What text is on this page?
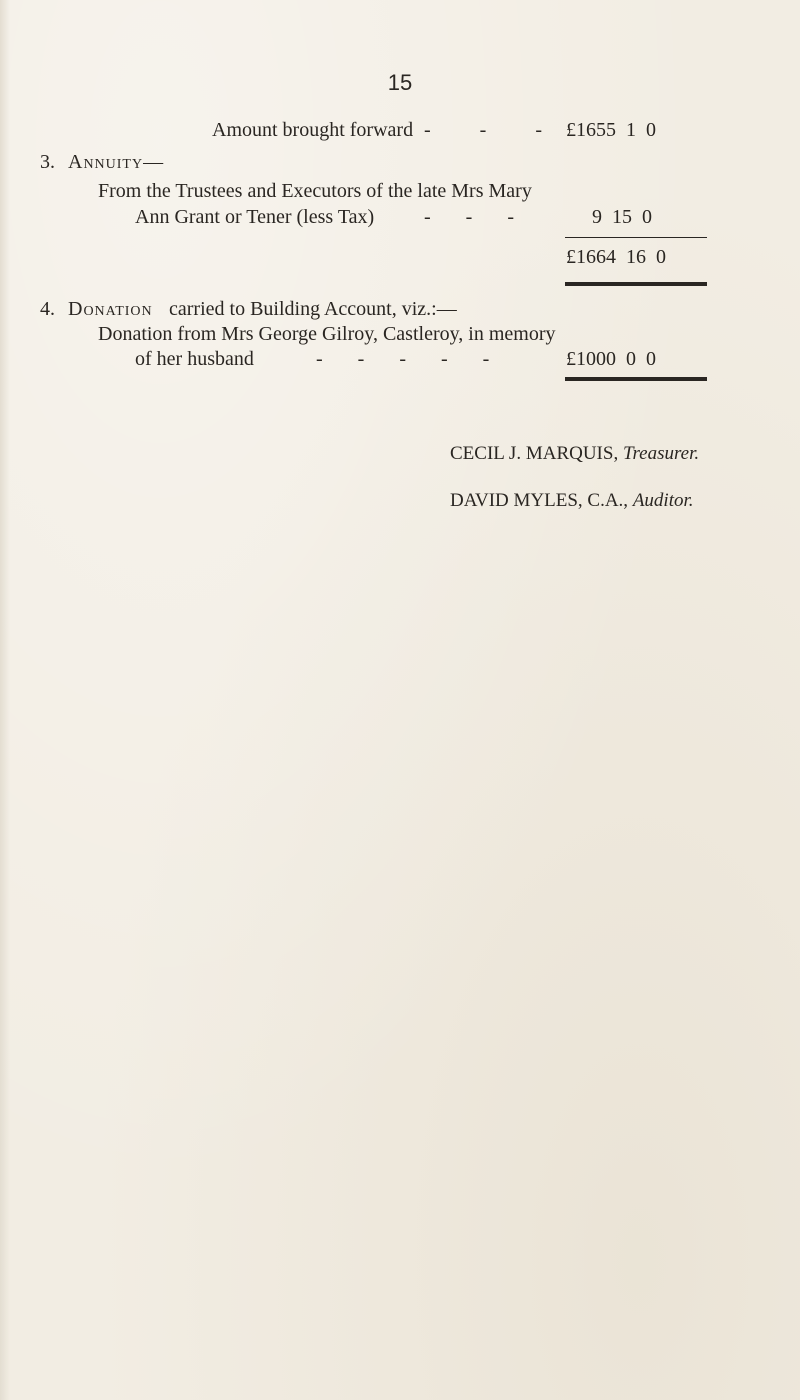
15
Amount brought forward -       -       - £1655  1  0
3. Annuity—
From the Trustees and Executors of the late Mrs Mary
Ann Grant or Tener (less Tax) -       -       -	9  15  0
£1664  16  0
4. Donation carried to Building Account, viz.:—
Donation from Mrs George Gilroy, Castleroy, in memory
of her husband	-       -       -       -       -	£1000  0  0
CECIL J. MARQUIS, Treasurer.
DAVID MYLES, C.A., Auditor.
